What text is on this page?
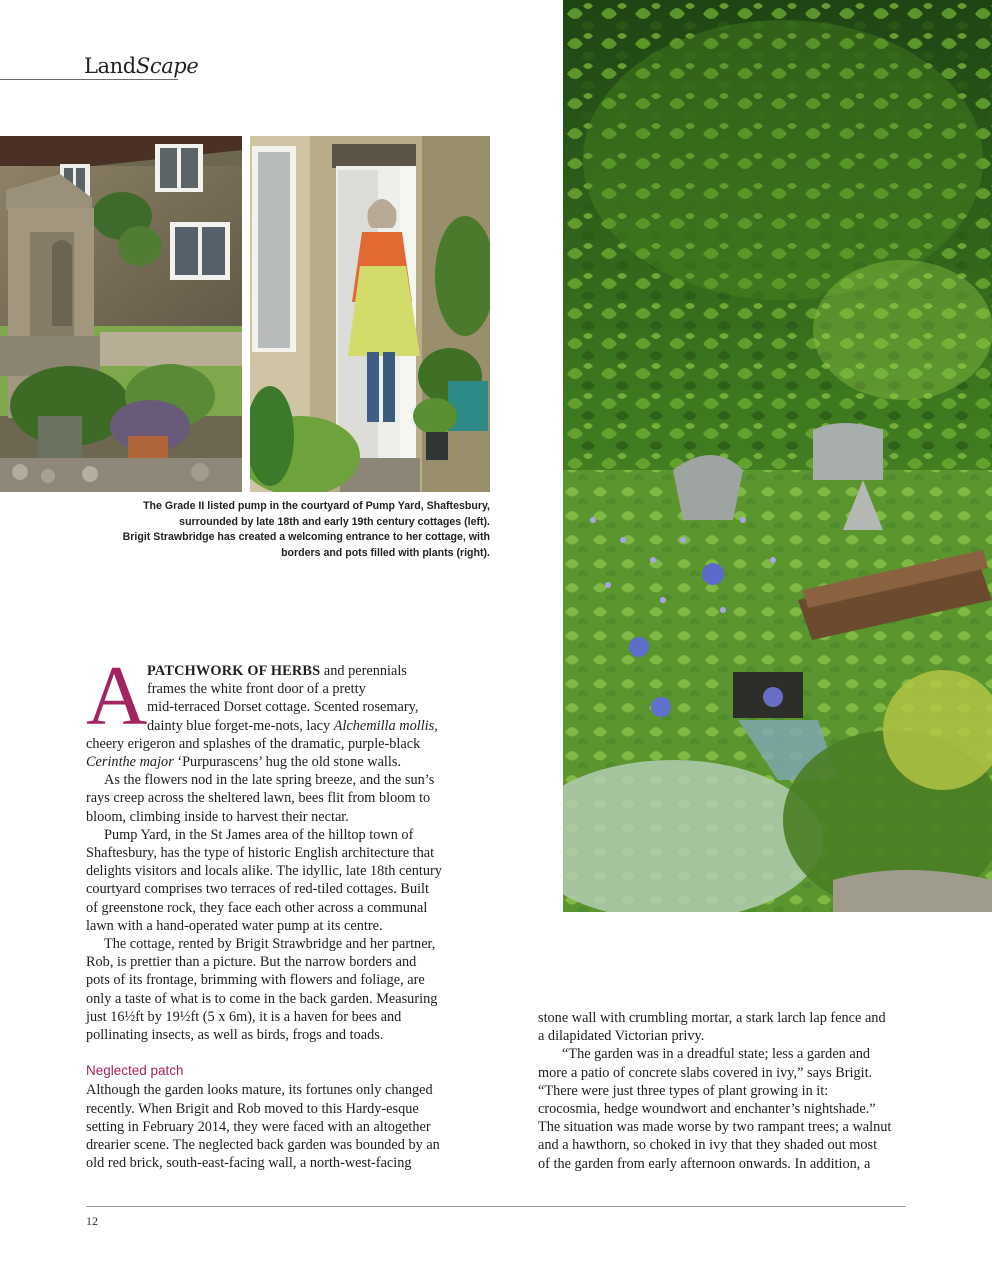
LandScape
The Grade II listed pump in the courtyard of Pump Yard, Shaftesbury,
surrounded by late 18th and early 19th century cottages (left).
Brigit Strawbridge has created a welcoming entrance to her cottage, with
borders and pots filled with plants (right).
A PATCHWORK OF HERBS and perennials
frames the white front door of a pretty
mid-terraced Dorset cottage. Scented rosemary,
dainty blue forget-me-nots, lacy Alchemilla mollis,
cheery erigeron and splashes of the dramatic, purple-black
Cerinthe major ‘Purpurascens’ hug the old stone walls.

As the flowers nod in the late spring breeze, and the sun’s
rays creep across the sheltered lawn, bees flit from bloom to
bloom, climbing inside to harvest their nectar.

Pump Yard, in the St James area of the hilltop town of
Shaftesbury, has the type of historic English architecture that
delights visitors and locals alike. The idyllic, late 18th century
courtyard comprises two terraces of red-tiled cottages. Built
of greenstone rock, they face each other across a communal
lawn with a hand-operated water pump at its centre.

The cottage, rented by Brigit Strawbridge and her partner,
Rob, is prettier than a picture. But the narrow borders and
pots of its frontage, brimming with flowers and foliage, are
only a taste of what is to come in the back garden. Measuring
just 16½ft by 19½ft (5 x 6m), it is a haven for bees and
pollinating insects, as well as birds, frogs and toads.

Neglected patch

Although the garden looks mature, its fortunes only changed
recently. When Brigit and Rob moved to this Hardy-esque
setting in February 2014, they were faced with an altogether
drearier scene. The neglected back garden was bounded by an
old red brick, south-east-facing wall, a north-west-facing

stone wall with crumbling mortar, a stark larch lap fence and
a dilapidated Victorian privy.

“The garden was in a dreadful state; less a garden and
more a patio of concrete slabs covered in ivy,” says Brigit.
“There were just three types of plant growing in it:
crocosmia, hedge woundwort and enchanter’s nightshade.”
The situation was made worse by two rampant trees; a walnut
and a hawthorn, so choked in ivy that they shaded out most
of the garden from early afternoon onwards. In addition, a

12
